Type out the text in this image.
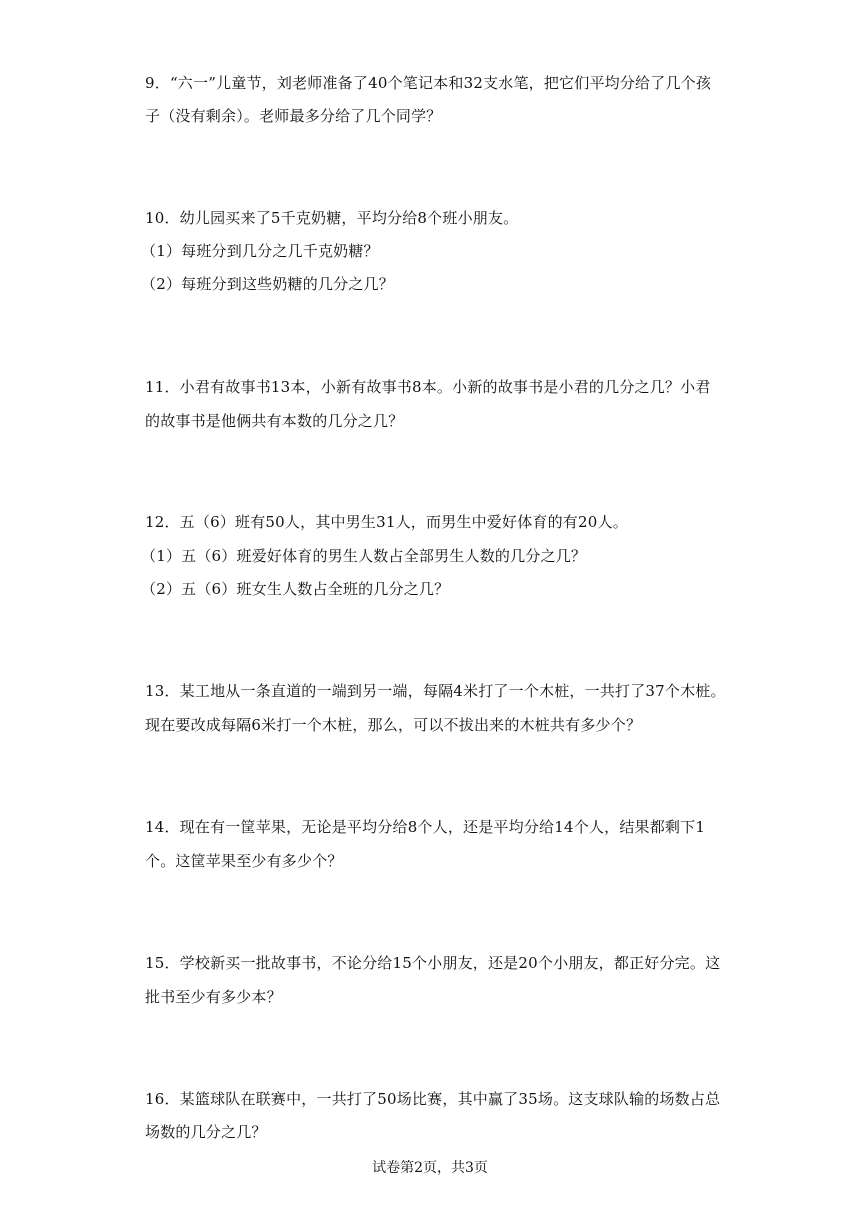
9．“六一”儿童节，刘老师准备了40个笔记本和32支水笔，把它们平均分给了几个孩
子（没有剩余）。老师最多分给了几个同学？
10．幼儿园买来了5千克奶糖，平均分给8个班小朋友。
（1）每班分到几分之几千克奶糖？
（2）每班分到这些奶糖的几分之几？
11．小君有故事书13本，小新有故事书8本。小新的故事书是小君的几分之几？小君
的故事书是他俩共有本数的几分之几？
12．五（6）班有50人，其中男生31人，而男生中爱好体育的有20人。
（1）五（6）班爱好体育的男生人数占全部男生人数的几分之几？
（2）五（6）班女生人数占全班的几分之几？
13．某工地从一条直道的一端到另一端，每隔4米打了一个木桩，一共打了37个木桩。
现在要改成每隔6米打一个木桩，那么，可以不拔出来的木桩共有多少个？
14．现在有一筐苹果，无论是平均分给8个人，还是平均分给14个人，结果都剩下1
个。这筐苹果至少有多少个？
15．学校新买一批故事书，不论分给15个小朋友，还是20个小朋友，都正好分完。这
批书至少有多少本？
16．某篮球队在联赛中，一共打了50场比赛，其中赢了35场。这支球队输的场数占总
场数的几分之几？
试卷第2页，共3页
